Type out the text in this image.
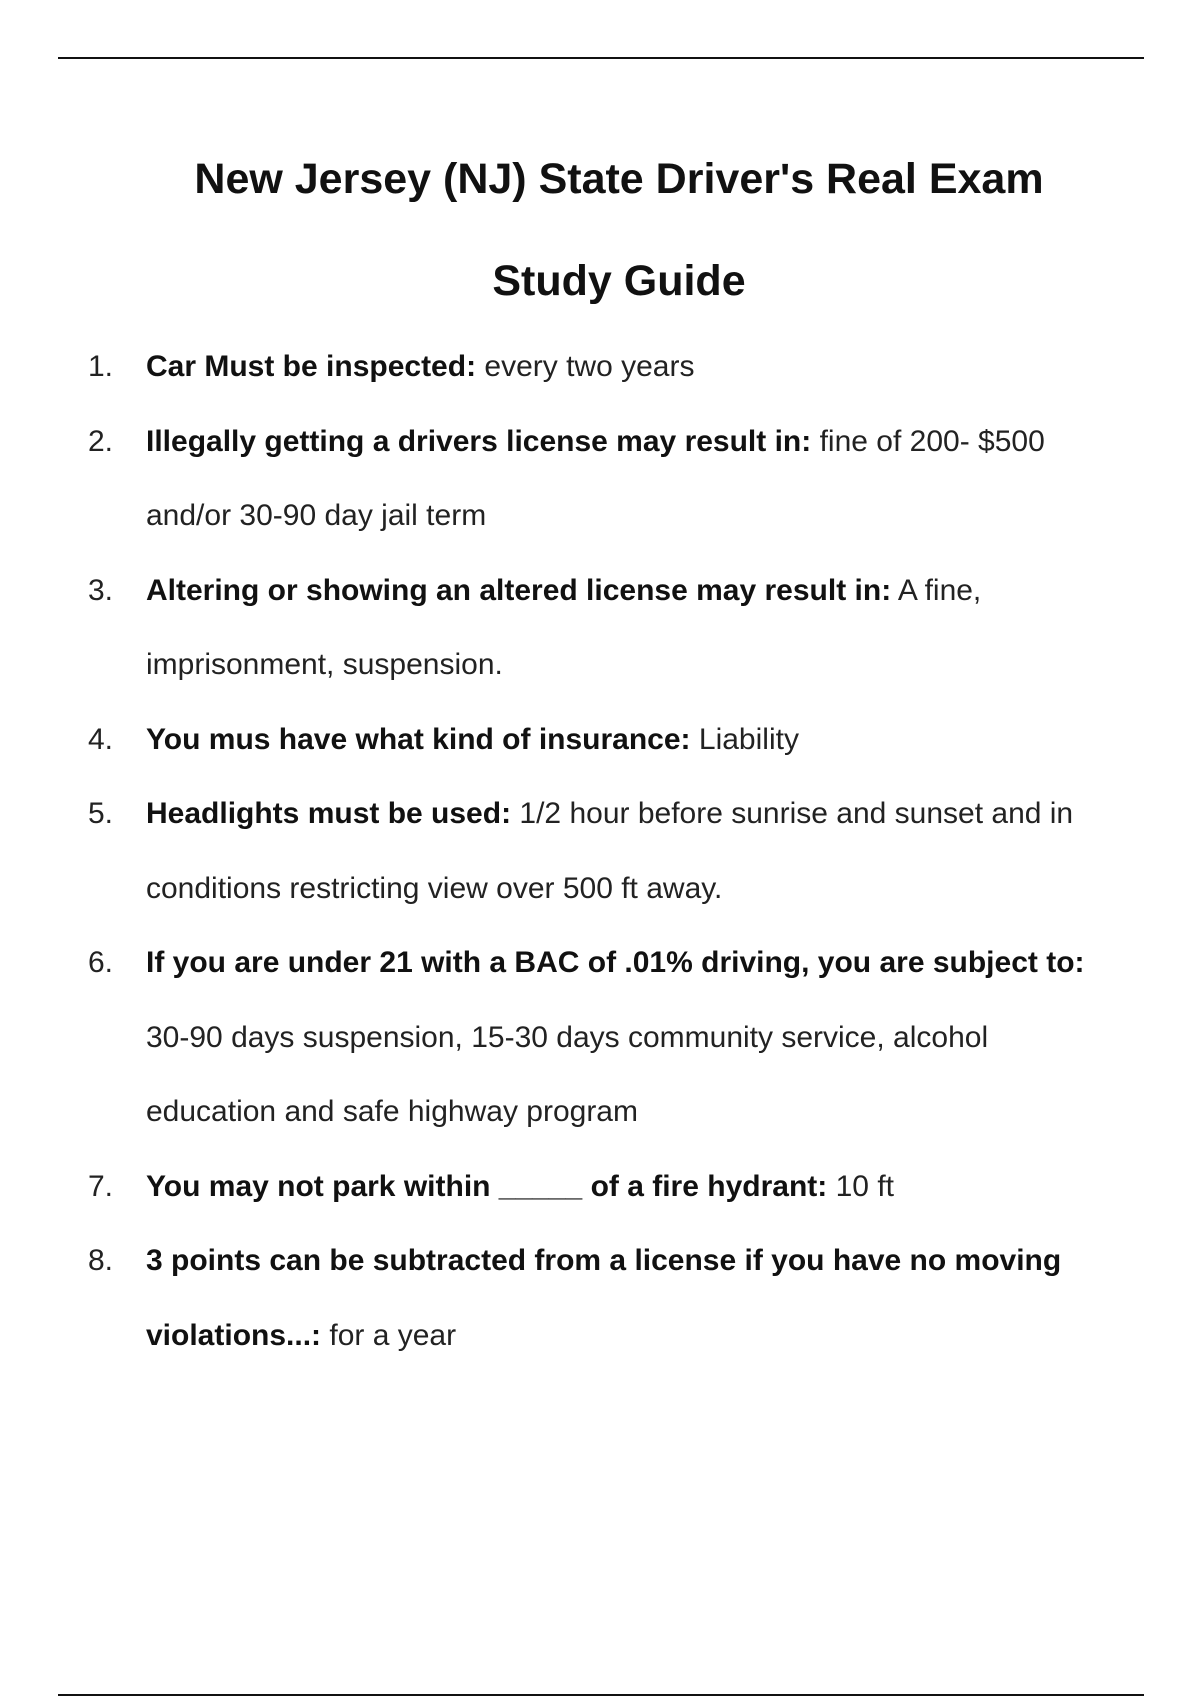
New Jersey (NJ) State Driver's Real Exam

Study Guide

1.	Car Must be inspected: every two years
2.	Illegally getting a drivers license may result in: fine of 200- $500 and/or 30-90 day jail term
3.	Altering or showing an altered license may result in: A fine, imprisonment, suspension.
4.	You mus have what kind of insurance: Liability
5.	Headlights must be used: 1/2 hour before sunrise and sunset and in conditions restricting view over 500 ft away.
6.	If you are under 21 with a BAC of .01% driving, you are subject to: 30-90 days suspension, 15-30 days community service, alcohol education and safe highway program
7.	You may not park within _____ of a fire hydrant: 10 ft
8.	3 points can be subtracted from a license if you have no moving violations...: for a year
